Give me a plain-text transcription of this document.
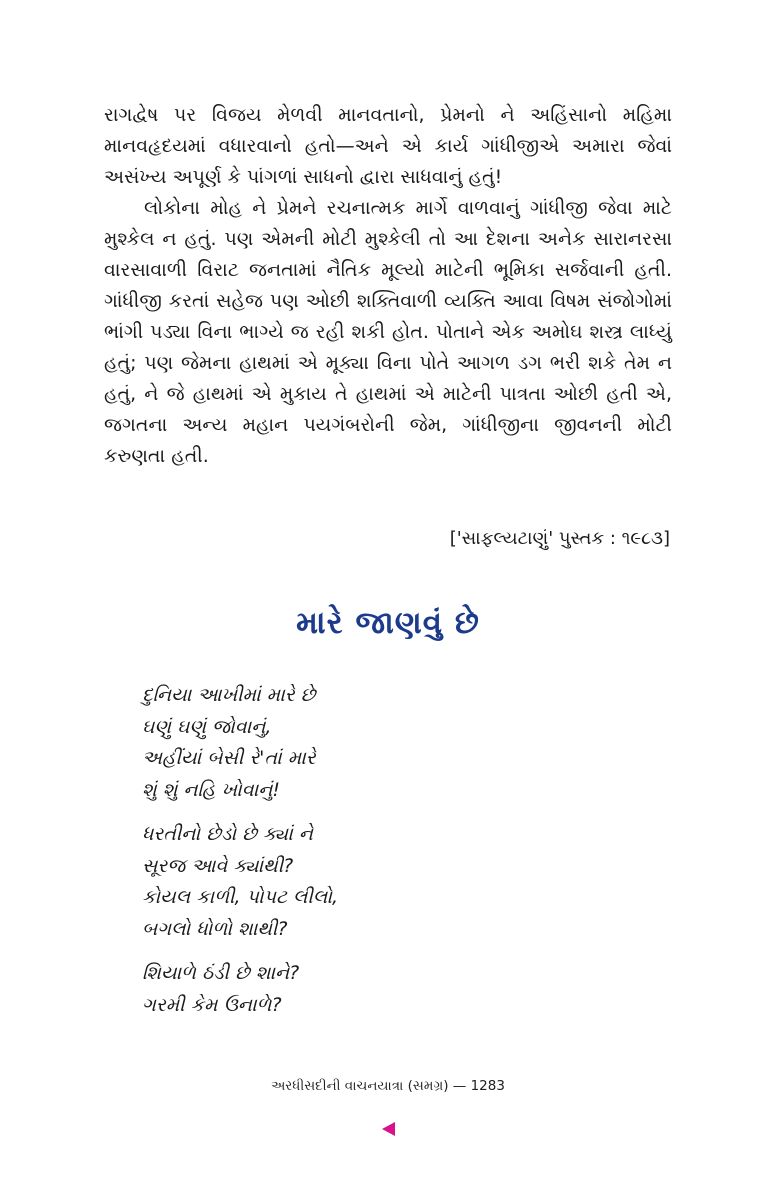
રાગદ્વેષ પર વિજય મેળવી માનવતાનો, પ્રેમનો ને અહિંસાનો મહિમા માનવહૃદયમાં વધારવાનો હતો—અને એ કાર્ય ગાંધીજીએ અમારા જેવાં અસંખ્ય અપૂર્ણ કે પાંગળાં સાધનો દ્વારા સાધવાનું હતું!

લોકોના મોહ ને પ્રેમને રચનાત્મક માર્ગે વાળવાનું ગાંધીજી જેવા માટે મુશ્કેલ ન હતું. પણ એમની મોટી મુશ્કેલી તો આ દેશના અનેક સારાનરસા વારસાવાળી વિરાટ જનતામાં નૈતિક મૂલ્યો માટેની ભૂમિકા સર્જવાની હતી. ગાંધીજી કરતાં સહેજ પણ ઓછી શક્તિવાળી વ્યક્તિ આવા વિષમ સંજોગોમાં ભાંગી પડ્યા વિના ભાગ્યે જ રહી શકી હોત. પોતાને એક અમોઘ શસ્ત્ર લાધ્યું હતું; પણ જેમના હાથમાં એ મૂક્યા વિના પોતે આગળ ડગ ભરી શકે તેમ ન હતું, ને જે હાથમાં એ મુકાય તે હાથમાં એ માટેની પાત્રતા ઓછી હતી એ, જગતના અન્ય મહાન પયગંબરોની જેમ, ગાંધીજીના જીવનની મોટી કરુણતા હતી.

['સાફલ્યટાણું' પુસ્તક : ૧૯૮૩]
મારે જાણવું છે
દુનિયા આખીમાં મારે છે
ઘણું ઘણું જોવાનું,
અહીંયાં બેસી રે'તાં મારે
શું શું નહિ ખોવાનું!
ધરતીનો છેડો છે ક્યાં ને
સૂરજ આવે ક્યાંથી?
કોયલ કાળી, પોપટ લીલો,
બગલો ધોળો શાથી?
શિયાળે ઠંડી છે શાને?
ગરમી કેમ ઉનાળે?
અરધીસદીની વાચનયાત્રા (સમગ્ર) — 1283
